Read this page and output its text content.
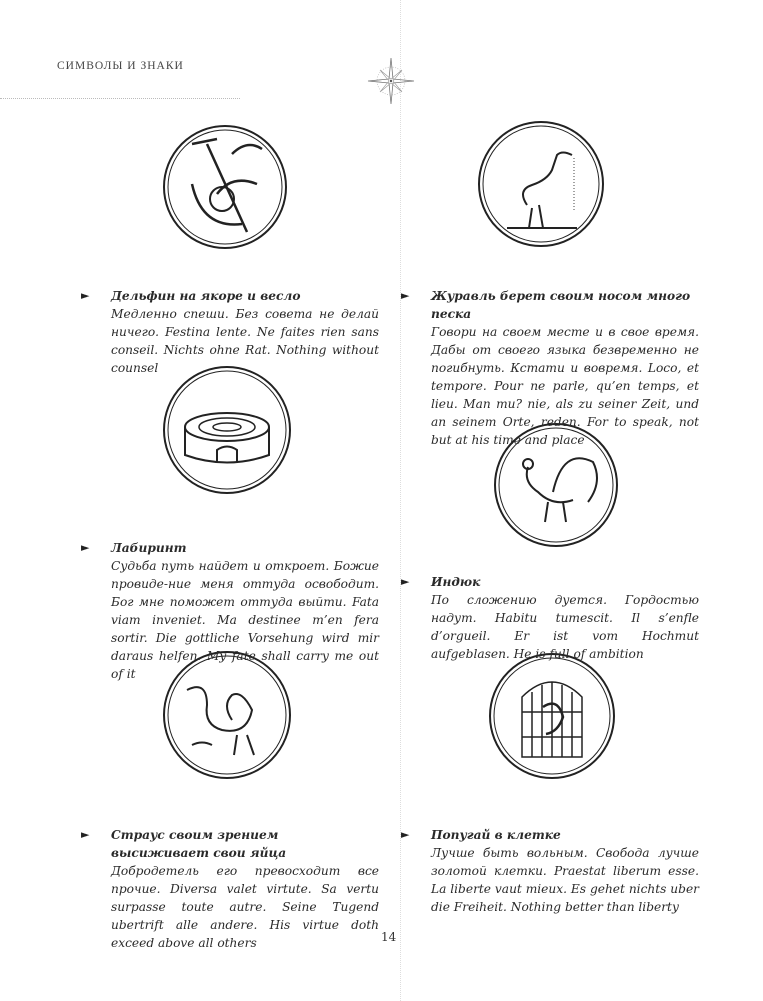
СИМВОЛЫ И ЗНАКИ
► Дельфин на якоре и весло
Медленно спеши. Без совета не делай ничего. Festina lente. Ne faites rien sans conseil. Nichts ohne Rat. Nothing without counsel
► Журавль берет своим носом много песка
Говори на своем месте и в свое время. Дабы от своего языка безвременно не погибнуть. Кстати и вовремя. Loco, et tempore. Pour ne parle, qu’en temps, et lieu. Man mu? nie, als zu seiner Zeit, und an seinem Orte, reden. For to speak, not but at his time and place
► Лабиринт
Судьба путь найдет и откроет. Божие провиде-ние меня оттуда освободит. Бог мне поможет оттуда выйти. Fata viam inveniet. Ma destinee m’en fera sortir. Die gottliche Vorsehung wird mir daraus helfen. My fate shall carry me out of it
► Индюк
По сложению дуется. Гордостью надут. Habitu tumescit. Il s’enfle d’orgueil. Er ist vom Hochmut aufgeblasen. He is full of ambition
► Страус своим зрением высиживает свои яйца
Добродетель его превосходит все прочие. Diversa valet virtute. Sa vertu surpasse toute autre. Seine Tugend ubertrift alle andere. His virtue doth exceed above all others
► Попугай в клетке
Лучше быть вольным. Свобода лучше золотой клетки. Praestat liberum esse. La liberte vaut mieux. Es gehet nichts uber die Freiheit. Nothing better than liberty
14
